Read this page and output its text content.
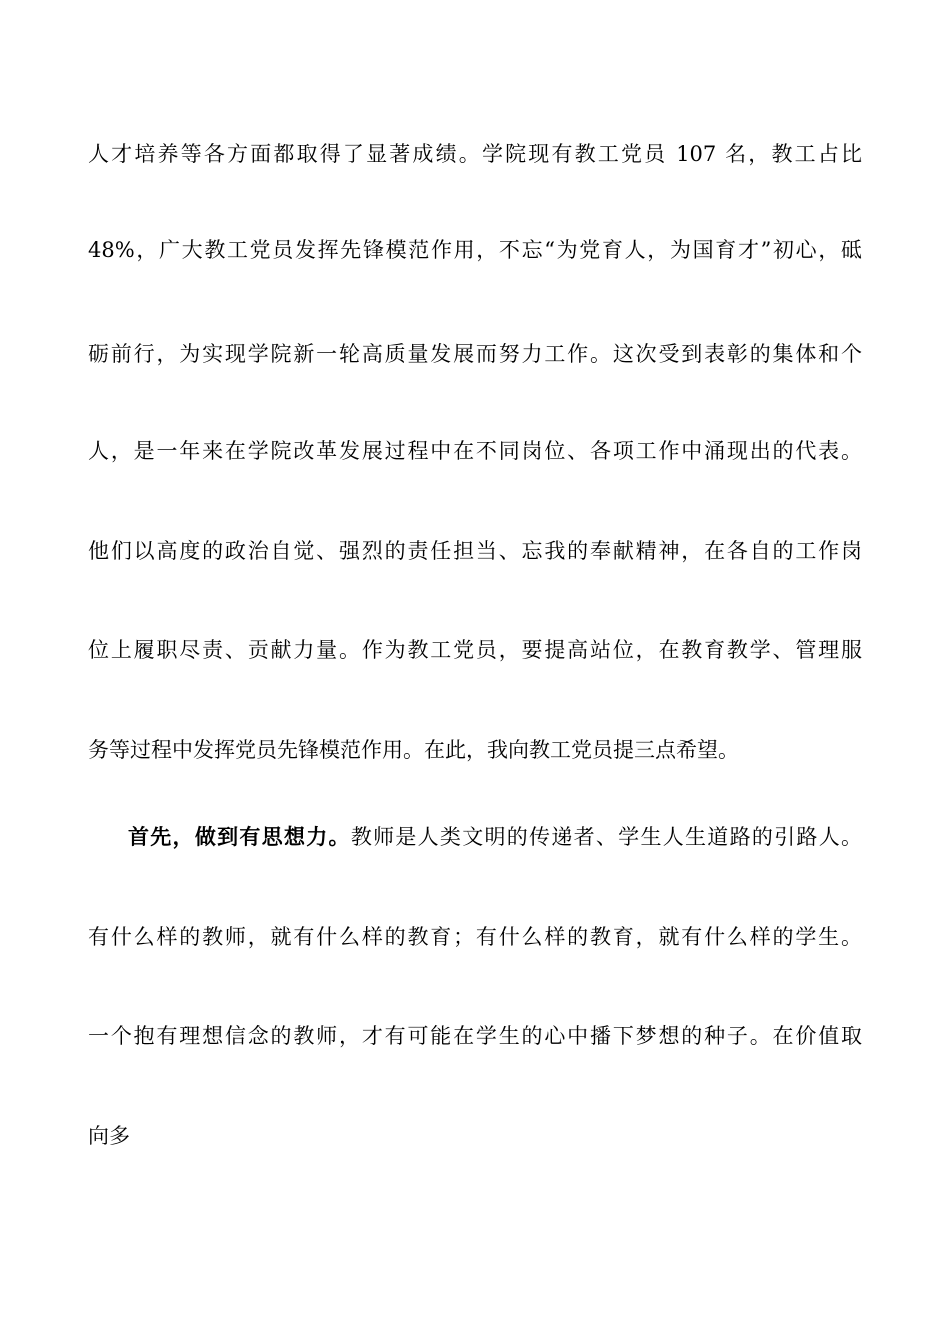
人才培养等各方面都取得了显著成绩。学院现有教工党员 107 名，教工占比
48%，广大教工党员发挥先锋模范作用，不忘“为党育人，为国育才”初心，砥
砺前行，为实现学院新一轮高质量发展而努力工作。这次受到表彰的集体和个
人，是一年来在学院改革发展过程中在不同岗位、各项工作中涌现出的代表。
他们以高度的政治自觉、强烈的责任担当、忘我的奉献精神，在各自的工作岗
位上履职尽责、贡献力量。作为教工党员，要提高站位，在教育教学、管理服
务等过程中发挥党员先锋模范作用。在此，我向教工党员提三点希望。
首先，做到有思想力。教师是人类文明的传递者、学生人生道路的引路人。
有什么样的教师，就有什么样的教育；有什么样的教育，就有什么样的学生。
一个抱有理想信念的教师，才有可能在学生的心中播下梦想的种子。在价值取
向多
